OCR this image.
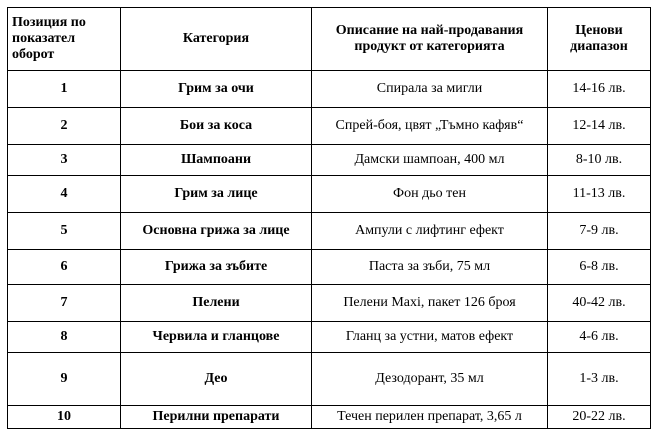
Позиция по показател оборот	Категория	Описание на най-продавания продукт от категорията	Ценови диапазон
1	Грим за очи	Спирала за мигли	14-16 лв.
2	Бои за коса	Спрей-боя, цвят „Тъмно кафяв“	12-14 лв.
3	Шампоани	Дамски шампоан, 400 мл	8-10 лв.
4	Грим за лице	Фон дьо тен	11-13 лв.
5	Основна грижа за лице	Ампули с лифтинг ефект	7-9 лв.
6	Грижа за зъбите	Паста за зъби, 75 мл	6-8 лв.
7	Пелени	Пелени Maxi, пакет 126 броя	40-42 лв.
8	Червила и гланцове	Гланц за устни, матов ефект	4-6 лв.
9	Део	Дезодорант, 35 мл	1-3 лв.
10	Перилни препарати	Течен перилен препарат, 3,65 л	20-22 лв.
